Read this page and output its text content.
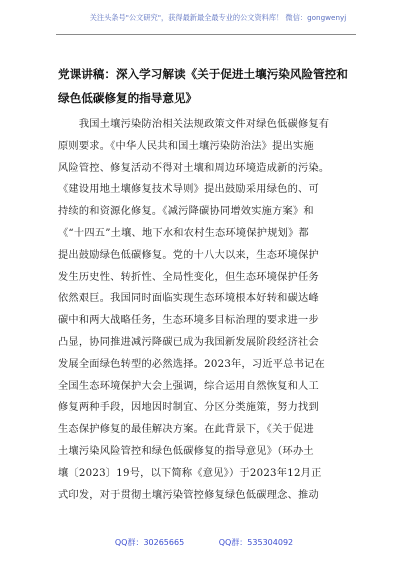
关注头条号"公文研究"，获得最新最全最专业的公文资料库！ 微信：gongwenyj
党课讲稿：深入学习解读《关于促进土壤污染风险管控和
绿色低碳修复的指导意见》
　　我国土壤污染防治相关法规政策文件对绿色低碳修复有
原则要求。《中华人民共和国土壤污染防治法》提出实施
风险管控、修复活动不得对土壤和周边环境造成新的污染。
《建设用地土壤修复技术导则》提出鼓励采用绿色的、可
持续的和资源化修复。《减污降碳协同增效实施方案》和
《“十四五”土壤、地下水和农村生态环境保护规划》都
提出鼓励绿色低碳修复。党的十八大以来，生态环境保护
发生历史性、转折性、全局性变化，但生态环境保护任务
依然艰巨。我国同时面临实现生态环境根本好转和碳达峰
碳中和两大战略任务，生态环境多目标治理的要求进一步
凸显，协同推进减污降碳已成为我国新发展阶段经济社会
发展全面绿色转型的必然选择。2023年，习近平总书记在
全国生态环境保护大会上强调，综合运用自然恢复和人工
修复两种手段，因地因时制宜、分区分类施策，努力找到
生态保护修复的最佳解决方案。在此背景下，《关于促进
土壤污染风险管控和绿色低碳修复的指导意见》（环办土
壤〔2023〕19号，以下简称《意见》）于2023年12月正
式印发，对于贯彻土壤污染管控修复绿色低碳理念、推动
QQ群：30265665	QQ群：535304092
